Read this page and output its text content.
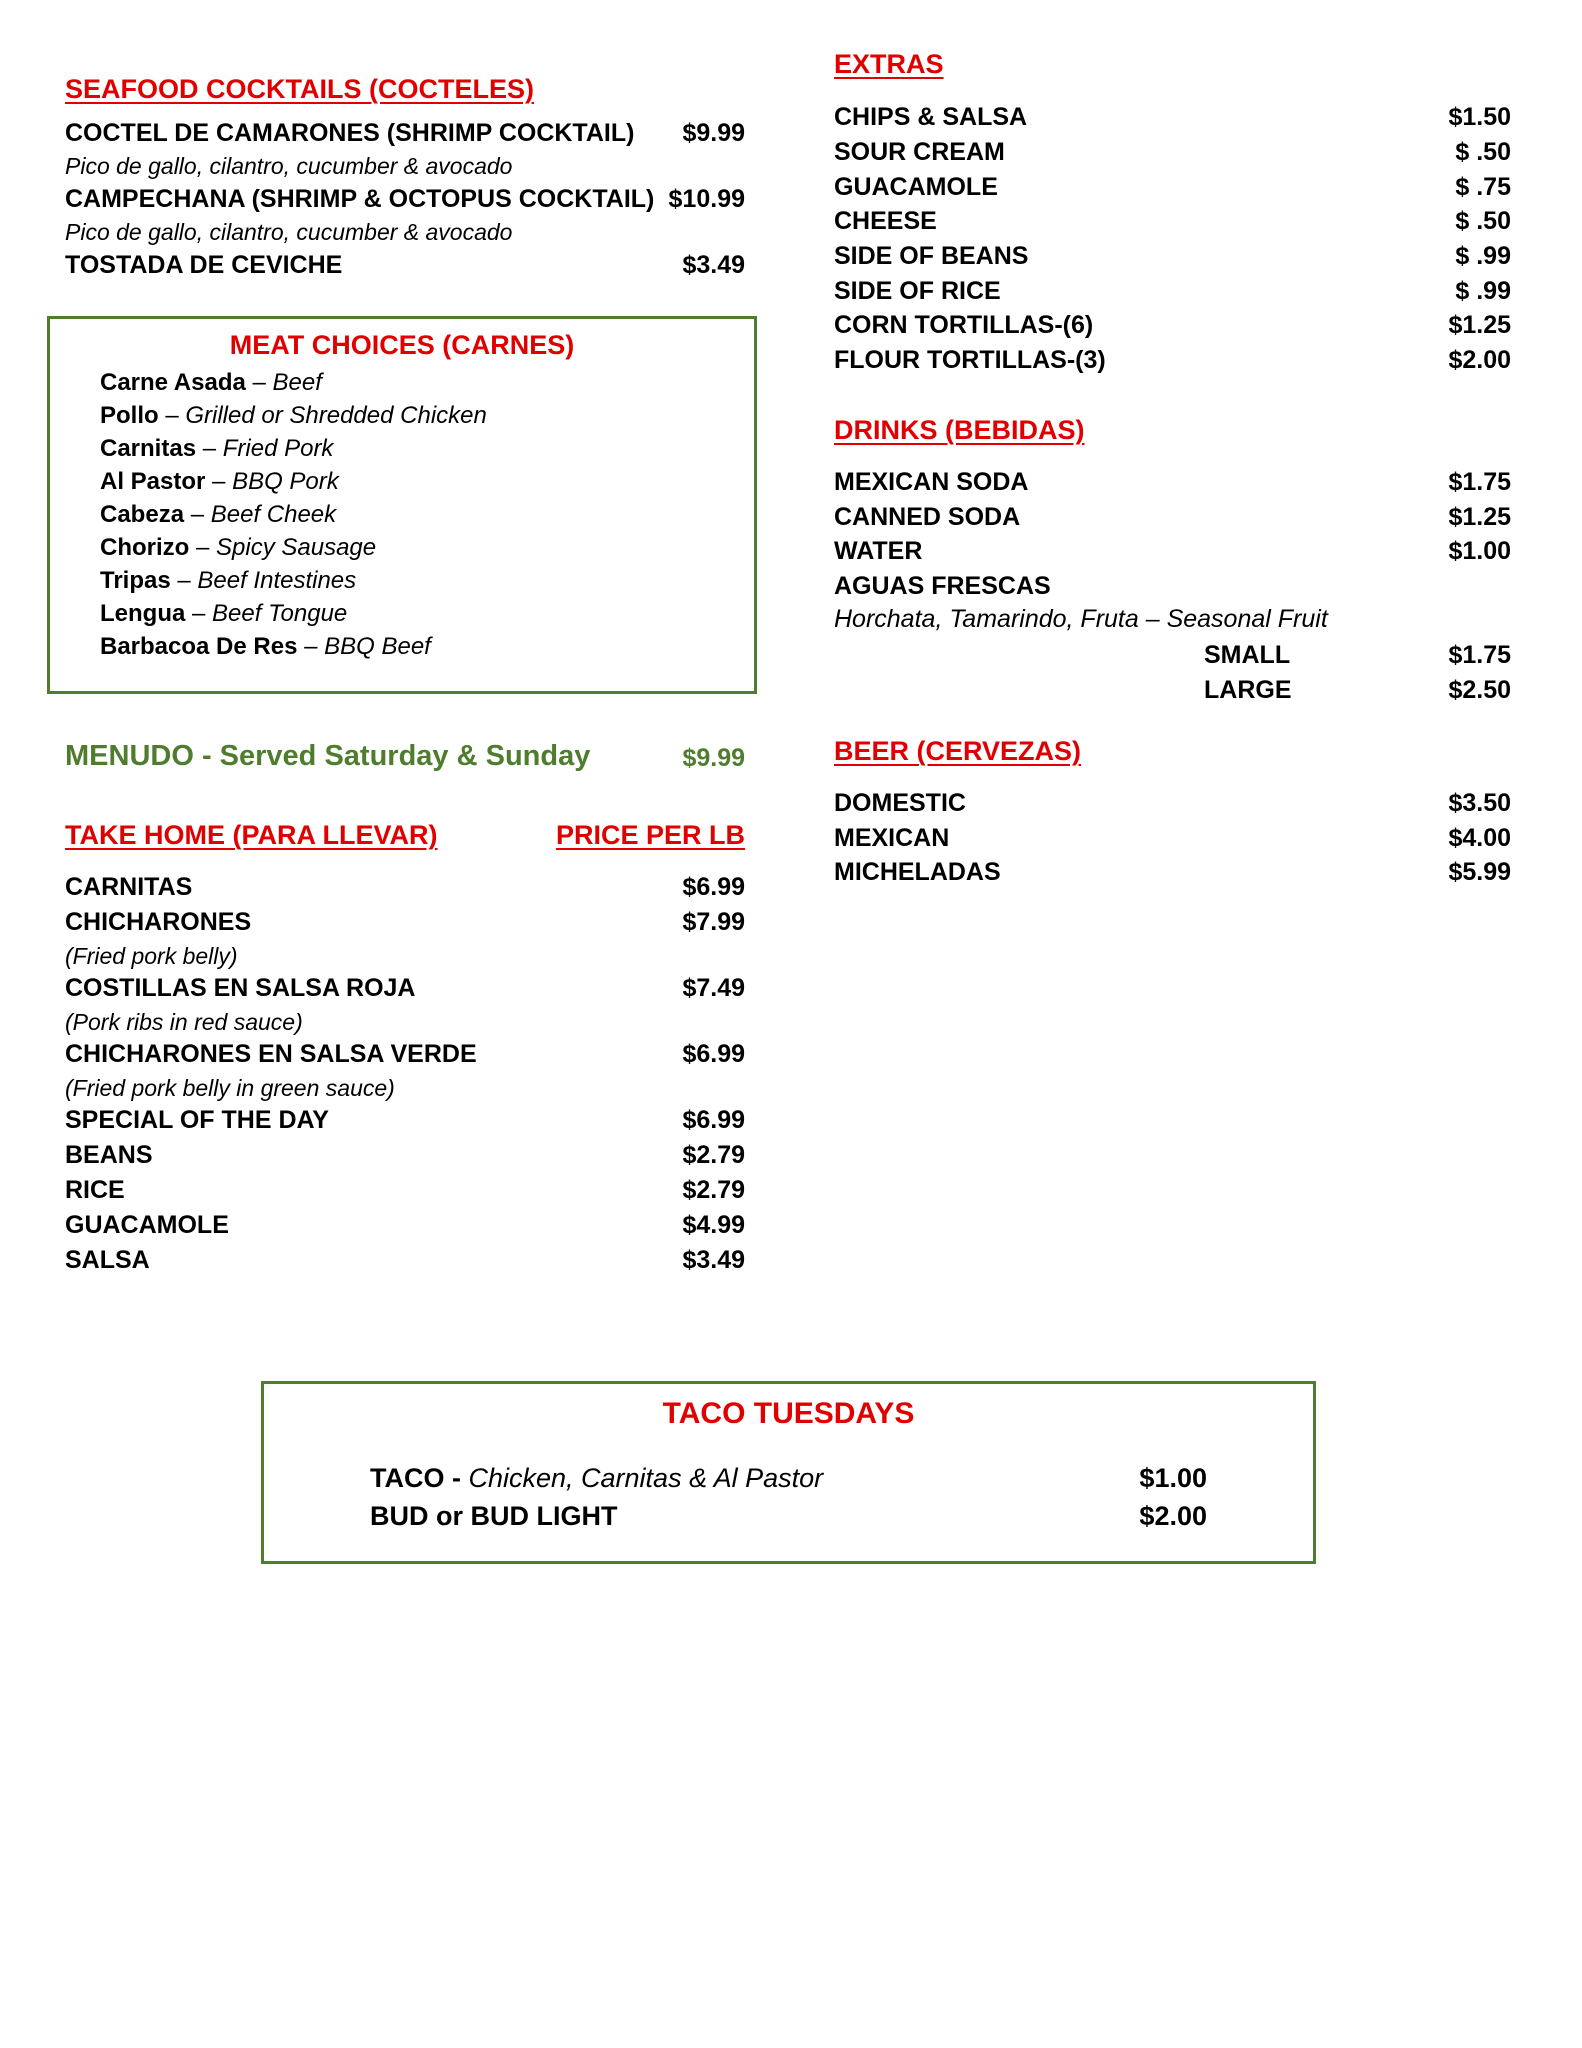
SEAFOOD COCKTAILS (COCTELES)
COCTEL DE CAMARONES (SHRIMP COCKTAIL) $9.99
Pico de gallo, cilantro, cucumber & avocado
CAMPECHANA (SHRIMP & OCTOPUS COCKTAIL) $10.99
Pico de gallo, cilantro, cucumber & avocado
TOSTADA DE CEVICHE	$3.49
MEAT CHOICES (CARNES)
Carne Asada – Beef
Pollo – Grilled or Shredded Chicken
Carnitas – Fried Pork
Al Pastor – BBQ Pork
Cabeza – Beef Cheek
Chorizo – Spicy Sausage
Tripas – Beef Intestines
Lengua – Beef Tongue
Barbacoa De Res – BBQ Beef
MENUDO - Served Saturday & Sunday	$9.99
TAKE HOME (PARA LLEVAR)	PRICE PER LB
CARNITAS	$6.99
CHICHARONES	$7.99
(Fried pork belly)
COSTILLAS EN SALSA ROJA	$7.49
(Pork ribs in red sauce)
CHICHARONES EN SALSA VERDE	$6.99
(Fried pork belly in green sauce)
SPECIAL OF THE DAY	$6.99
BEANS	$2.79
RICE	$2.79
GUACAMOLE	$4.99
SALSA	$3.49
EXTRAS
CHIPS & SALSA	$1.50
SOUR CREAM	$ .50
GUACAMOLE	$ .75
CHEESE	$ .50
SIDE OF BEANS	$ .99
SIDE OF RICE	$ .99
CORN TORTILLAS-(6)	$1.25
FLOUR TORTILLAS-(3)	$2.00
DRINKS (BEBIDAS)
MEXICAN SODA	$1.75
CANNED SODA	$1.25
WATER	$1.00
AGUAS FRESCAS
Horchata, Tamarindo, Fruta – Seasonal Fruit
SMALL	$1.75
LARGE	$2.50
BEER (CERVEZAS)
DOMESTIC	$3.50
MEXICAN	$4.00
MICHELADAS	$5.99
TACO TUESDAYS
TACO - Chicken, Carnitas & Al Pastor	$1.00
BUD or BUD LIGHT	$2.00
